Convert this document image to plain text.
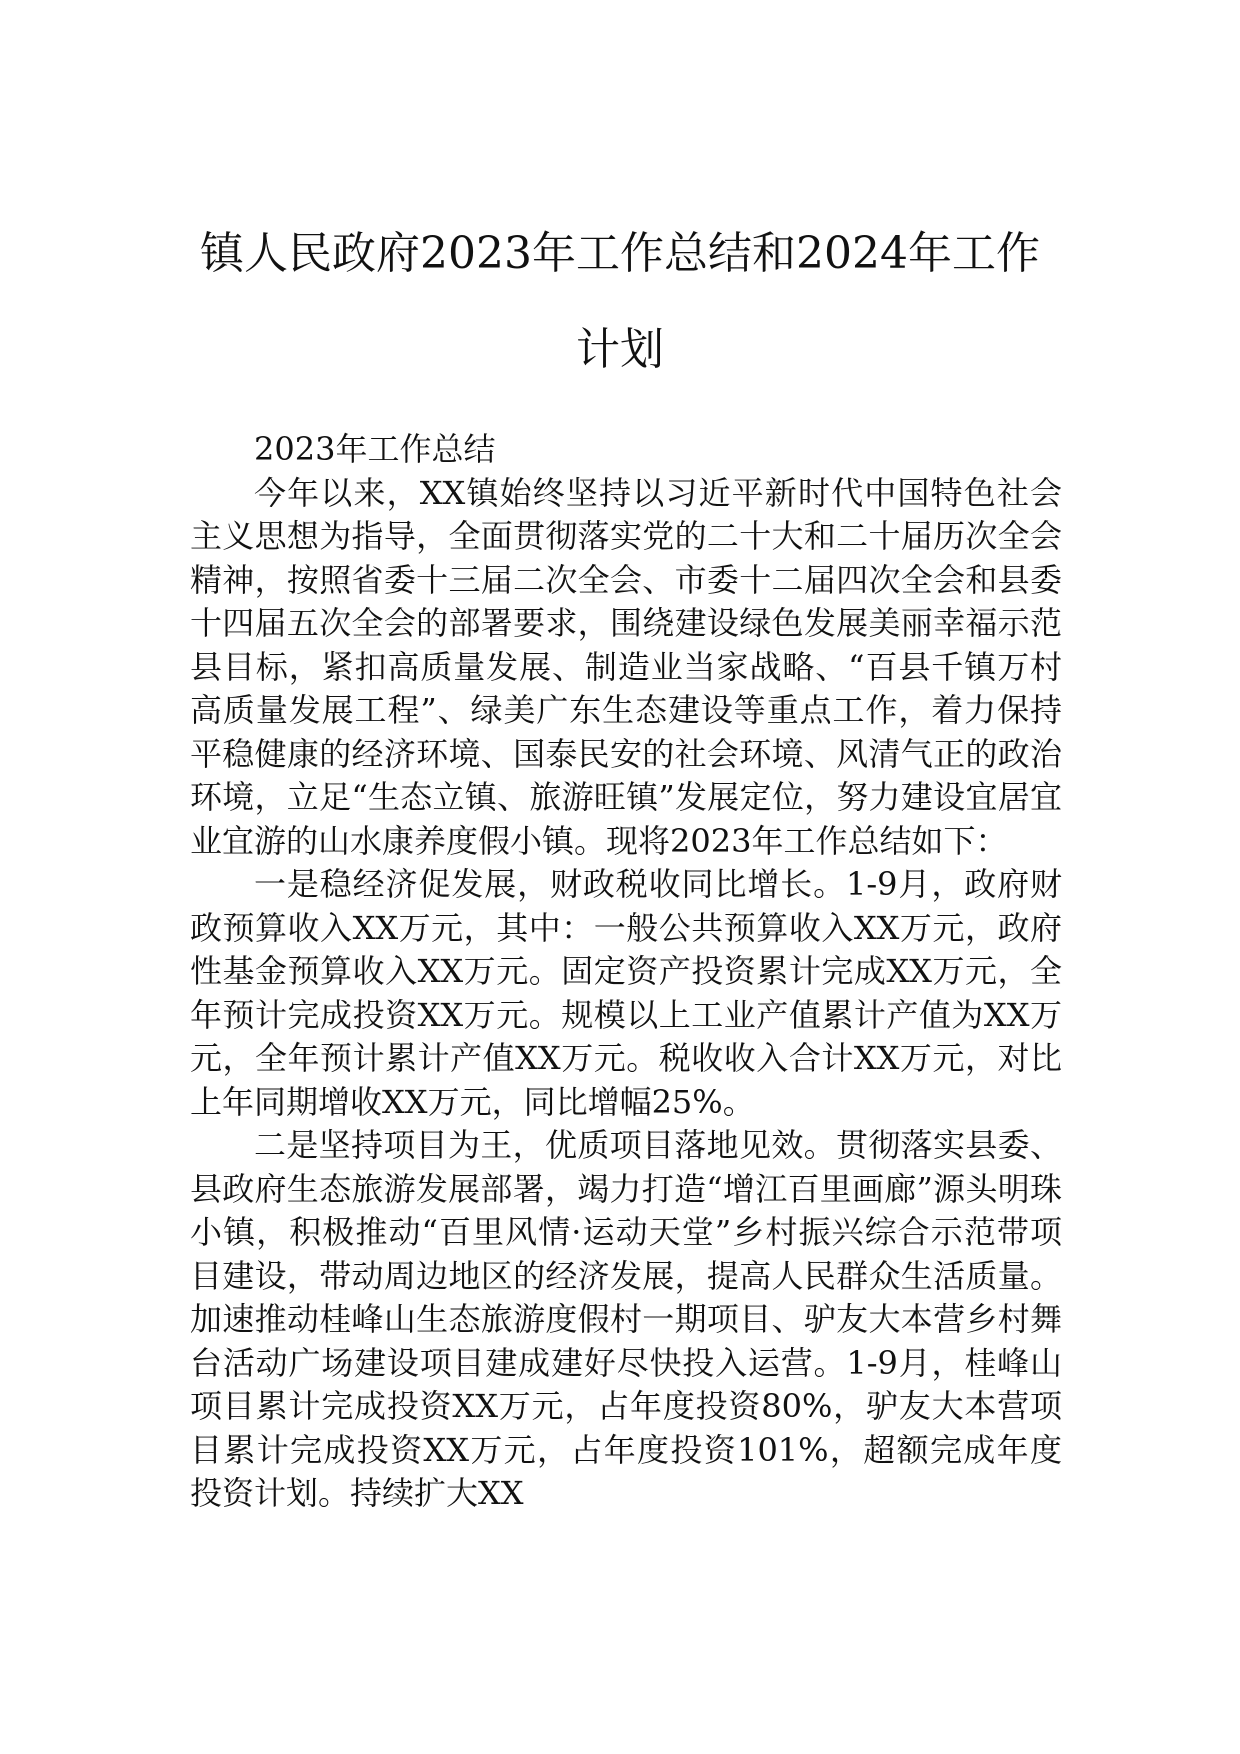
镇人民政府2023年工作总结和2024年工作计划

2023年工作总结

今年以来，XX镇始终坚持以习近平新时代中国特色社会主义思想为指导，全面贯彻落实党的二十大和二十届历次全会精神，按照省委十三届二次全会、市委十二届四次全会和县委十四届五次全会的部署要求，围绕建设绿色发展美丽幸福示范县目标，紧扣高质量发展、制造业当家战略、“百县千镇万村高质量发展工程”、绿美广东生态建设等重点工作，着力保持平稳健康的经济环境、国泰民安的社会环境、风清气正的政治环境，立足“生态立镇、旅游旺镇”发展定位，努力建设宜居宜业宜游的山水康养度假小镇。现将2023年工作总结如下：

一是稳经济促发展，财政税收同比增长。1-9月，政府财政预算收入XX万元，其中：一般公共预算收入XX万元，政府性基金预算收入XX万元。固定资产投资累计完成XX万元，全年预计完成投资XX万元。规模以上工业产值累计产值为XX万元，全年预计累计产值XX万元。税收收入合计XX万元，对比上年同期增收XX万元，同比增幅25%。

二是坚持项目为王，优质项目落地见效。贯彻落实县委、县政府生态旅游发展部署，竭力打造“增江百里画廊”源头明珠小镇，积极推动“百里风情·运动天堂”乡村振兴综合示范带项目建设，带动周边地区的经济发展，提高人民群众生活质量。加速推动桂峰山生态旅游度假村一期项目、驴友大本营乡村舞台活动广场建设项目建成建好尽快投入运营。1-9月，桂峰山项目累计完成投资XX万元，占年度投资80%，驴友大本营项目累计完成投资XX万元，占年度投资101%，超额完成年度投资计划。持续扩大XX
